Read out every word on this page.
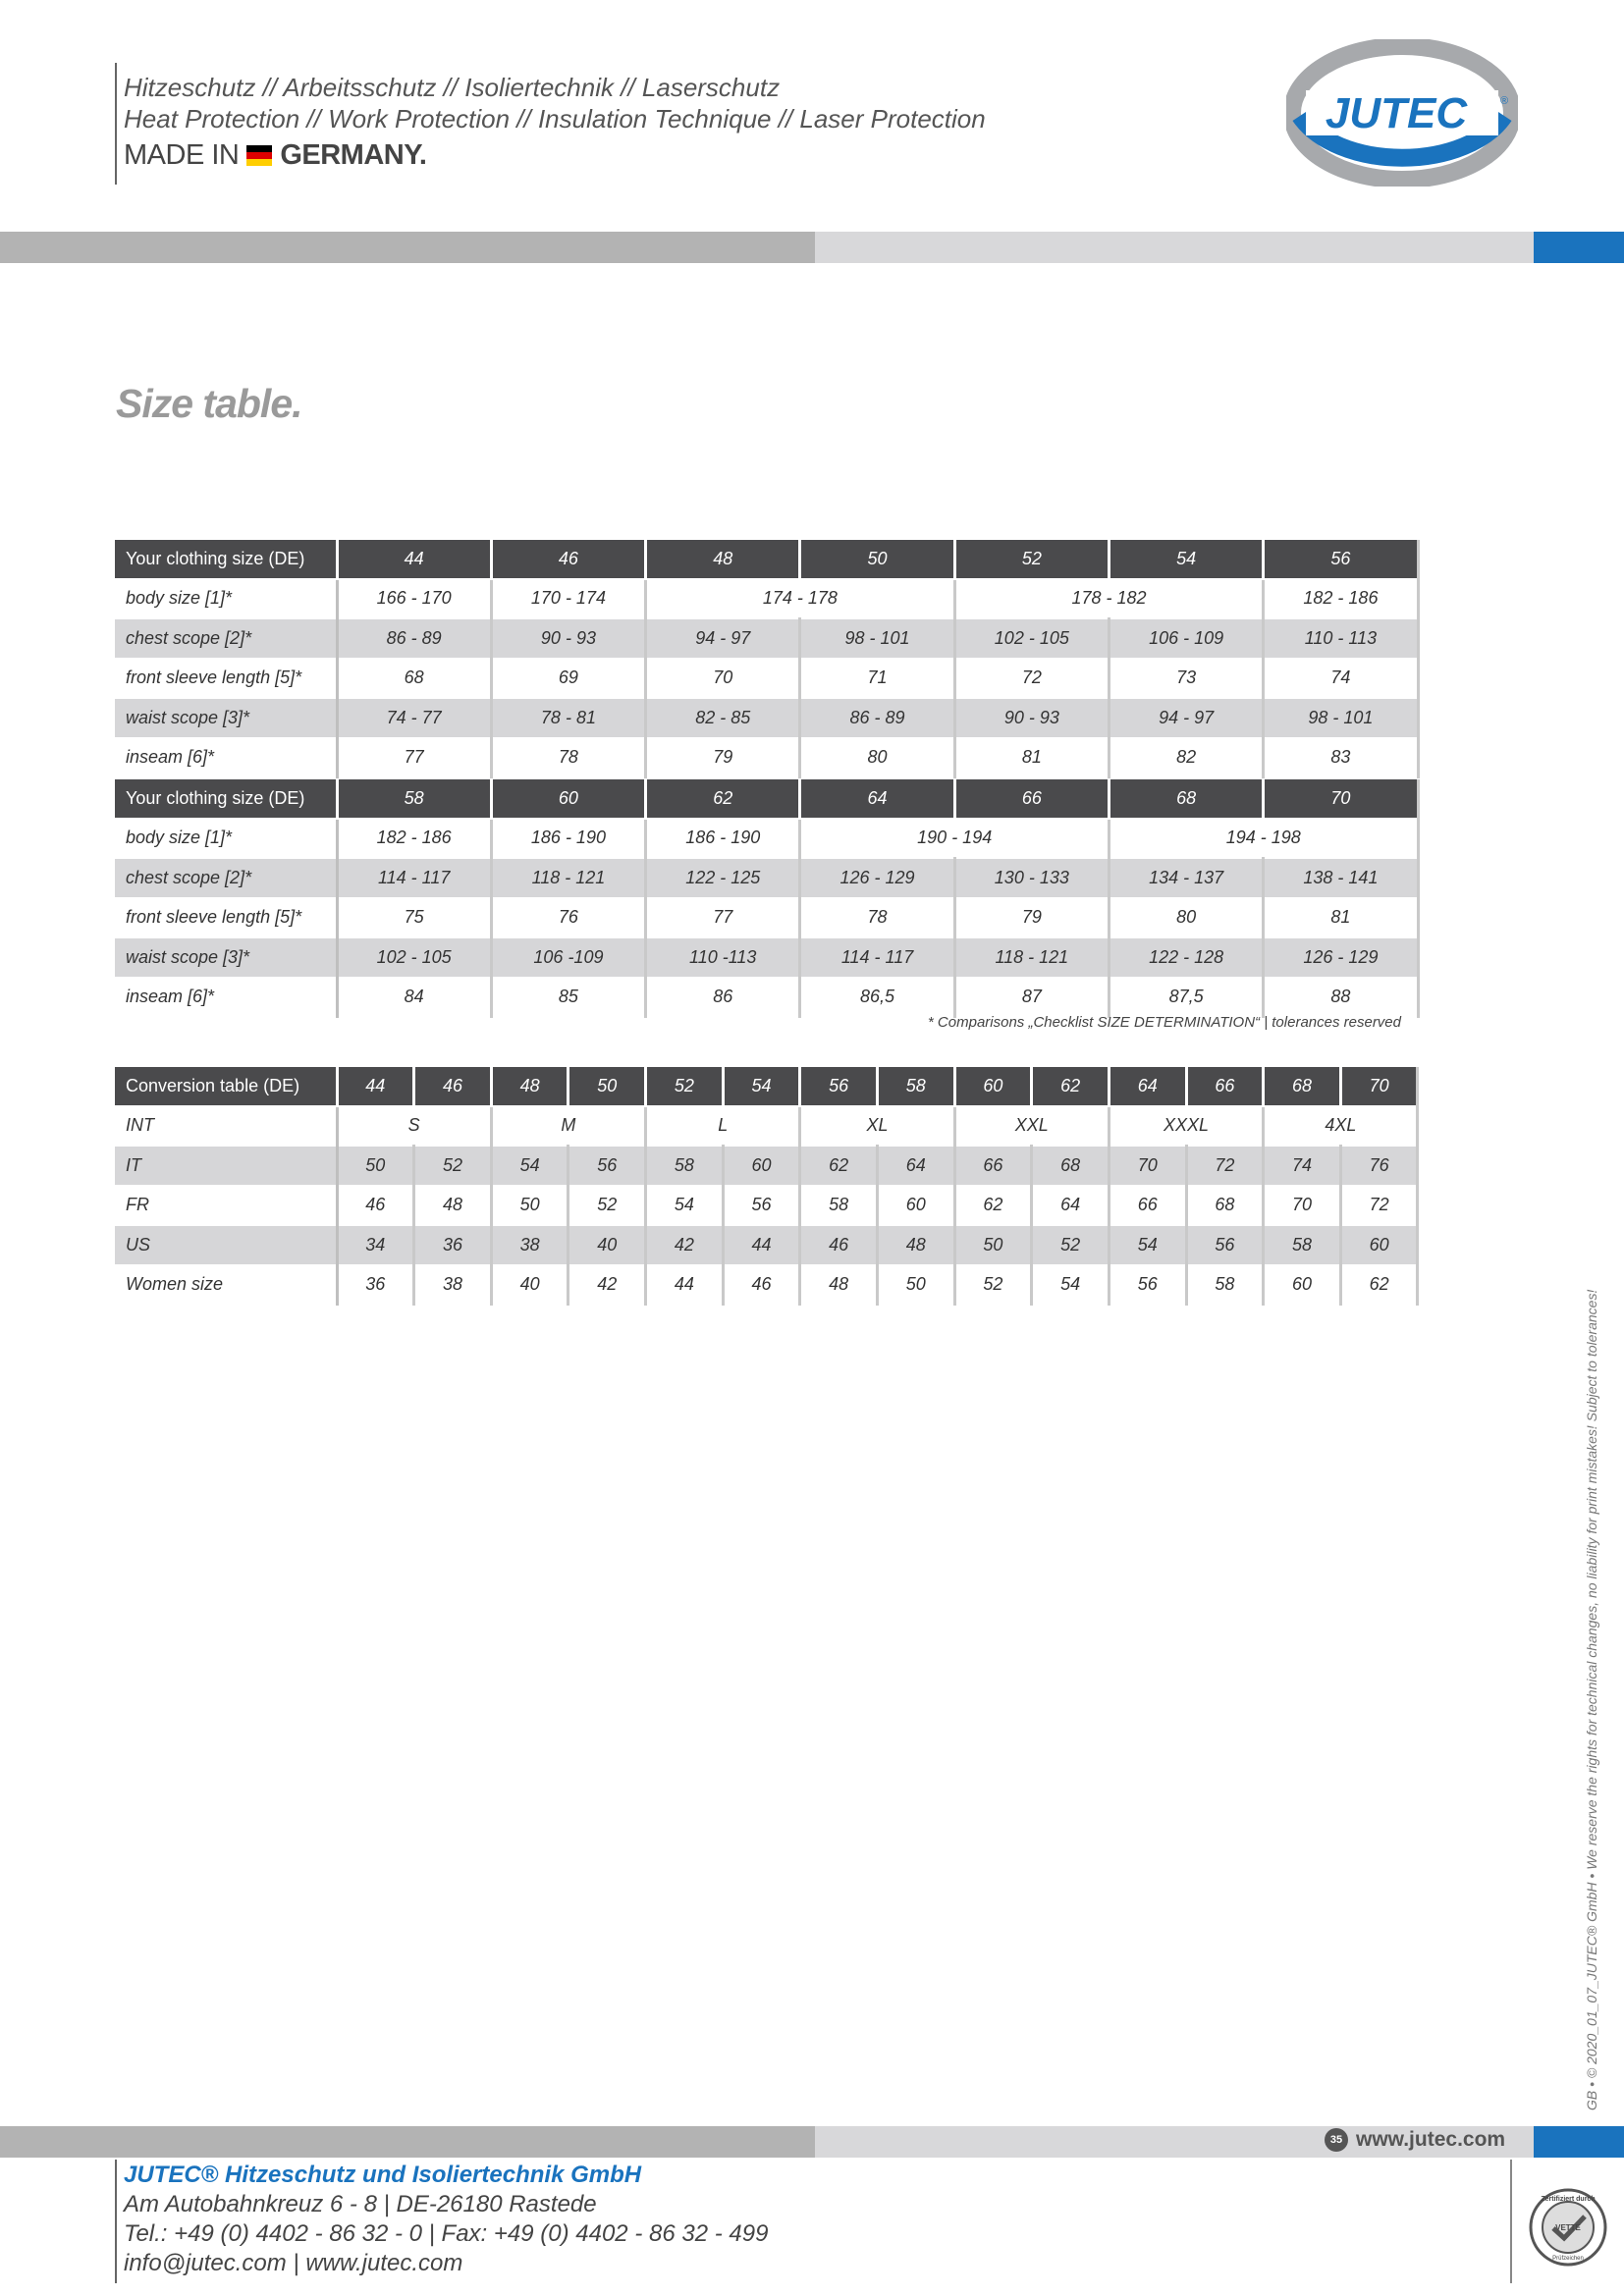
Hitzeschutz // Arbeitsschutz // Isoliertechnik // Laserschutz
Heat Protection // Work Protection // Insulation Technique // Laser Protection
MADE IN GERMANY.
JUTEC	®
Size table.
Your clothing size (DE)	44	46	48	50	52	54	56
body size [1]*	166 - 170	170 - 174	174 - 178		178 - 182		182 - 186
chest scope [2]*	86 - 89	90 - 93	94 - 97	98 - 101	102 - 105	106 - 109	110 - 113
front sleeve length [5]*	68	69	70	71	72	73	74
waist scope [3]*	74 - 77	78 - 81	82 - 85	86 - 89	90 - 93	94 - 97	98 - 101
inseam [6]*	77	78	79	80	81	82	83
Your clothing size (DE)	58	60	62	64	66	68	70
body size [1]*	182 - 186	186 - 190	186 - 190	190 - 194		194 - 198	
chest scope [2]*	114 - 117	118 - 121	122 - 125	126 - 129	130 - 133	134 - 137	138 - 141
front sleeve length [5]*	75	76	77	78	79	80	81
waist scope [3]*	102 - 105	106 -109	110 -113	114 - 117	118 - 121	122 - 128	126 - 129
inseam [6]*	84	85	86	86,5	87	87,5	88
* Comparisons „Checklist SIZE DETERMINATION“ | tolerances reserved
Conversion table (DE)	44	46	48	50	52	54	56	58	60	62	64	66	68	70
INT	S		M		L		XL		XXL		XXXL		4XL	
IT	50	52	54	56	58	60	62	64	66	68	70	72	74	76
FR	46	48	50	52	54	56	58	60	62	64	66	68	70	72
US	34	36	38	40	42	44	46	48	50	52	54	56	58	60
Women size	36	38	40	42	44	46	48	50	52	54	56	58	60	62
GB • © 2020_01_07_JUTEC® GmbH • We reserve the rights for technical changes, no liability for print mistakes! Subject to tolerances!
35 www.jutec.com
JUTEC® Hitzeschutz und Isoliertechnik GmbH
Am Autobahnkreuz 6 - 8 | DE-26180 Rastede
Tel.: +49 (0) 4402 - 86 32 - 0 | Fax: +49 (0) 4402 - 86 32 - 499
info@jutec.com | www.jutec.com
Zertifiziert durch
VETTE
Prüfzeichen
